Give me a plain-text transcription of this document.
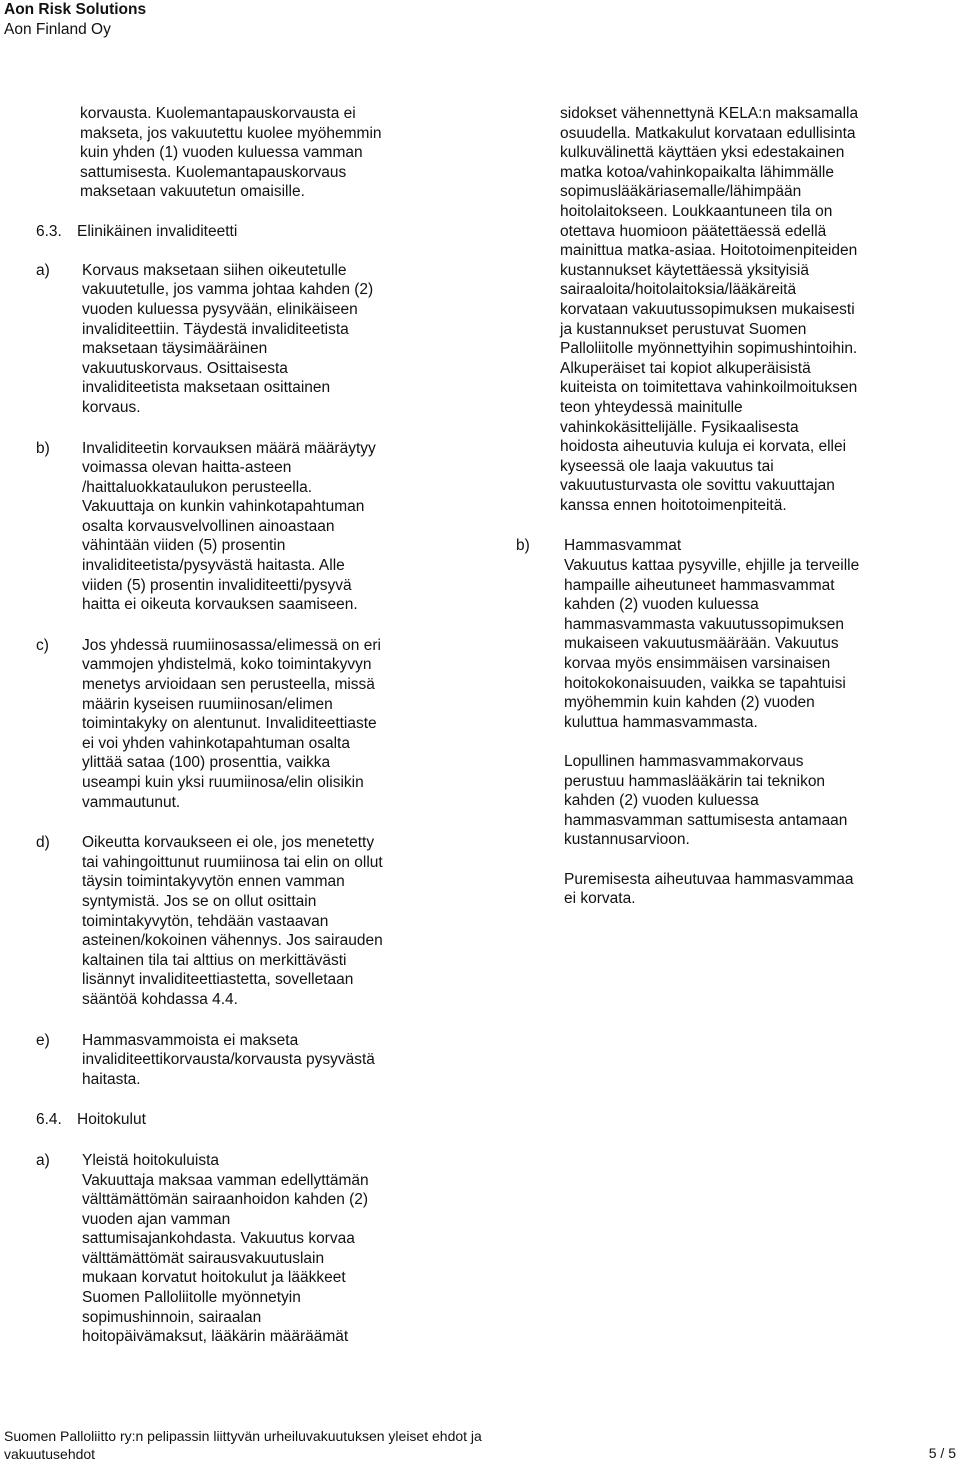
Aon Risk Solutions
Aon Finland Oy
korvausta. Kuolemantapauskorvausta ei
makseta, jos vakuutettu kuolee myöhemmin
kuin yhden (1) vuoden kuluessa vamman
sattumisesta. Kuolemantapauskorvaus
maksetaan vakuutetun omaisille.
6.3. Elinikäinen invaliditeetti
a) Korvaus maksetaan siihen oikeutetulle
vakuutetulle, jos vamma johtaa kahden (2)
vuoden kuluessa pysyvään, elinikäiseen
invaliditeettiin. Täydestä invaliditeetista
maksetaan täysimääräinen
vakuutuskorvaus. Osittaisesta
invaliditeetista maksetaan osittainen
korvaus.
b) Invaliditeetin korvauksen määrä määräytyy
voimassa olevan haitta-asteen
/haittaluokkataulukon perusteella.
Vakuuttaja on kunkin vahinkotapahtuman
osalta korvausvelvollinen ainoastaan
vähintään viiden (5) prosentin
invaliditeetista/pysyvästä haitasta. Alle
viiden (5) prosentin invaliditeetti/pysyvä
haitta ei oikeuta korvauksen saamiseen.
c) Jos yhdessä ruumiinosassa/elimessä on eri
vammojen yhdistelmä, koko toimintakyvyn
menetys arvioidaan sen perusteella, missä
määrin kyseisen ruumiinosan/elimen
toimintakyky on alentunut. Invaliditeettiaste
ei voi yhden vahinkotapahtuman osalta
ylittää sataa (100) prosenttia, vaikka
useampi kuin yksi ruumiinosa/elin olisikin
vammautunut.
d) Oikeutta korvaukseen ei ole, jos menetetty
tai vahingoittunut ruumiinosa tai elin on ollut
täysin toimintakyvytön ennen vamman
syntymistä. Jos se on ollut osittain
toimintakyvytön, tehdään vastaavan
asteinen/kokoinen vähennys. Jos sairauden
kaltainen tila tai alttius on merkittävästi
lisännyt invaliditeettiastetta, sovelletaan
sääntöä kohdassa 4.4.
e) Hammasvammoista ei makseta
invaliditeettikorvausta/korvausta pysyvästä
haitasta.
6.4. Hoitokulut
a) Yleistä hoitokuluista
Vakuuttaja maksaa vamman edellyttämän
välttämättömän sairaanhoidon kahden (2)
vuoden ajan vamman
sattumisajankohdasta. Vakuutus korvaa
välttämättömät sairausvakuutuslain
mukaan korvatut hoitokulut ja lääkkeet
Suomen Palloliitolle myönnetyin
sopimushinnoin, sairaalan
hoitopäivämaksut, lääkärin määräämät
sidokset vähennettynä KELA:n maksamalla
osuudella. Matkakulut korvataan edullisinta
kulkuvälinettä käyttäen yksi edestakainen
matka kotoa/vahinkopaikalta lähimmälle
sopimuslääkäriasemalle/lähimpään
hoitolaitokseen. Loukkaantuneen tila on
otettava huomioon päätettäessä edellä
mainittua matka-asiaa. Hoitotoimenpiteiden
kustannukset käytettäessä yksityisiä
sairaaloita/hoitolaitoksia/lääkäreitä
korvataan vakuutussopimuksen mukaisesti
ja kustannukset perustuvat Suomen
Palloliitolle myönnettyihin sopimushintoihin.
Alkuperäiset tai kopiot alkuperäisistä
kuiteista on toimitettava vahinkoilmoituksen
teon yhteydessä mainitulle
vahinkokäsittelijälle. Fysikaalisesta
hoidosta aiheutuvia kuluja ei korvata, ellei
kyseessä ole laaja vakuutus tai
vakuutusturvasta ole sovittu vakuuttajan
kanssa ennen hoitotoimenpiteitä.
b) Hammasvammat
Vakuutus kattaa pysyville, ehjille ja terveille
hampaille aiheutuneet hammasvammat
kahden (2) vuoden kuluessa
hammasvammasta vakuutussopimuksen
mukaiseen vakuutusmäärään. Vakuutus
korvaa myös ensimmäisen varsinaisen
hoitokokonaisuuden, vaikka se tapahtuisi
myöhemmin kuin kahden (2) vuoden
kuluttua hammasvammasta.
Lopullinen hammasvammakorvaus
perustuu hammaslääkärin tai teknikon
kahden (2) vuoden kuluessa
hammasvamman sattumisesta antamaan
kustannusarvioon.
Puremisesta aiheutuvaa hammasvammaa
ei korvata.
Suomen Palloliitto ry:n pelipassin liittyvän urheiluvakuutuksen yleiset ehdot ja
vakuutusehdot	5 / 5
